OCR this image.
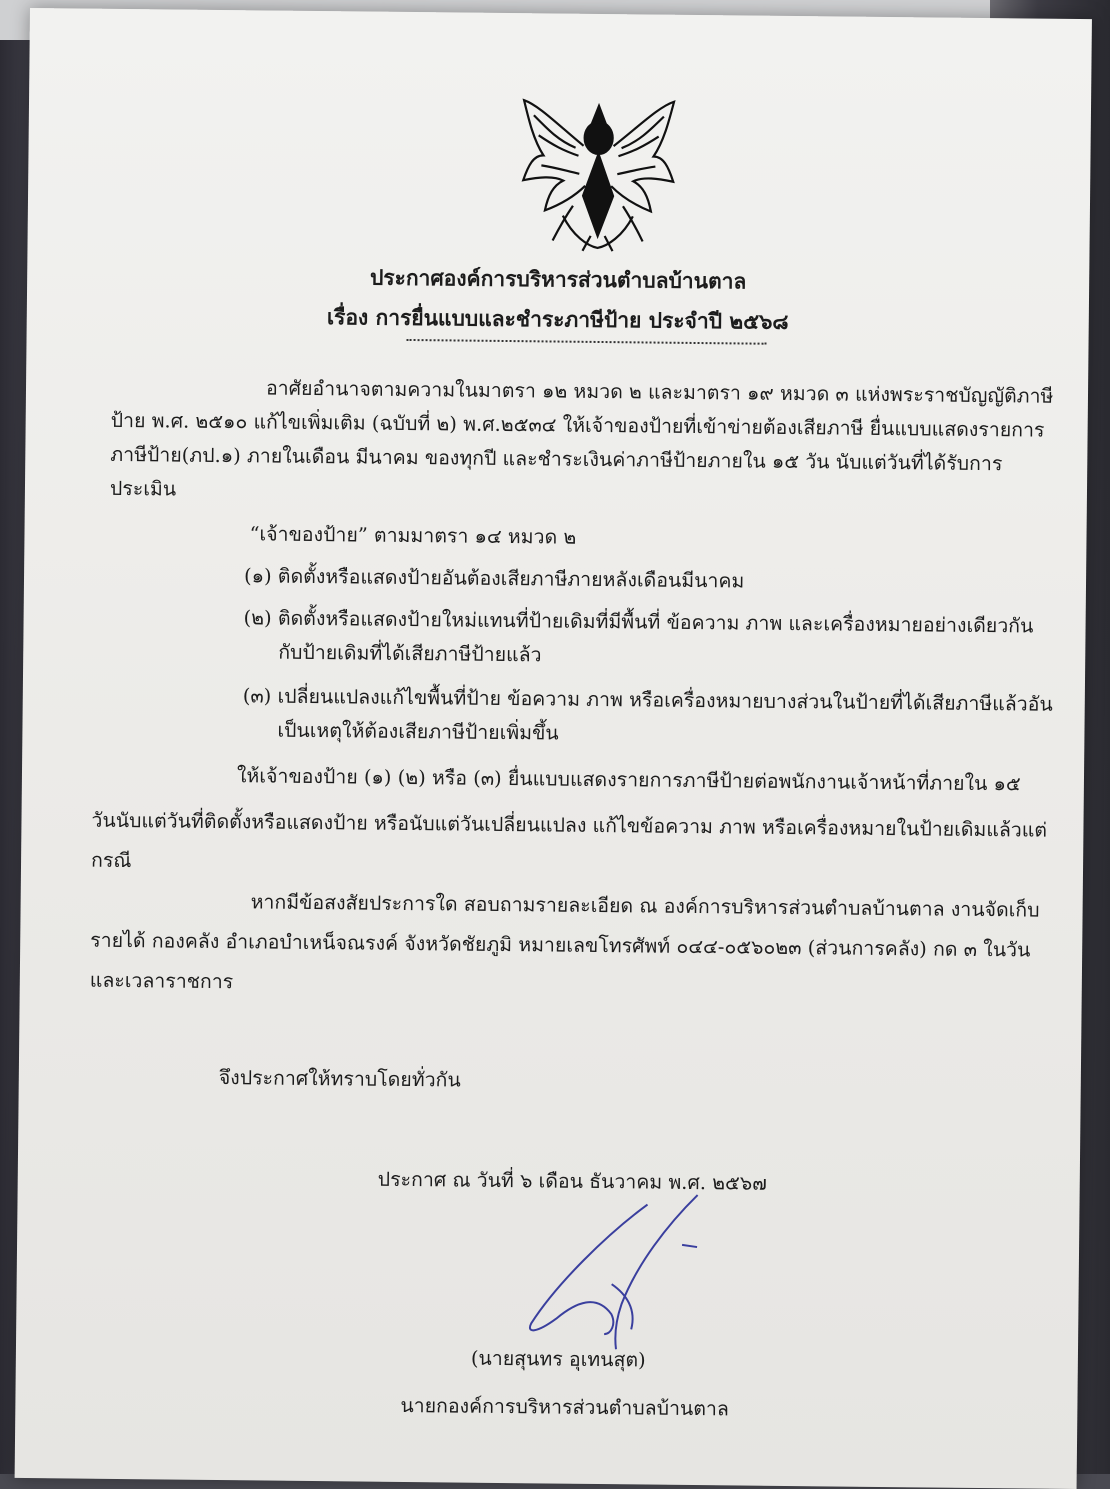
ประกาศองค์การบริหารส่วนตำบลบ้านตาล
เรื่อง การยื่นแบบและชำระภาษีป้าย ประจำปี ๒๕๖๘
อาศัยอำนาจตามความในมาตรา ๑๒ หมวด ๒ และมาตรา ๑๙ หมวด ๓ แห่งพระราชบัญญัติภาษี
ป้าย พ.ศ. ๒๕๑๐ แก้ไขเพิ่มเติม (ฉบับที่ ๒) พ.ศ.๒๕๓๔ ให้เจ้าของป้ายที่เข้าข่ายต้องเสียภาษี ยื่นแบบแสดงรายการ
ภาษีป้าย(ภป.๑) ภายในเดือน มีนาคม ของทุกปี และชำระเงินค่าภาษีป้ายภายใน ๑๕ วัน นับแต่วันที่ได้รับการ
ประเมิน
“เจ้าของป้าย” ตามมาตรา ๑๔ หมวด ๒
(๑) ติดตั้งหรือแสดงป้ายอันต้องเสียภาษีภายหลังเดือนมีนาคม
(๒) ติดตั้งหรือแสดงป้ายใหม่แทนที่ป้ายเดิมที่มีพื้นที่ ข้อความ ภาพ และเครื่องหมายอย่างเดียวกัน
กับป้ายเดิมที่ได้เสียภาษีป้ายแล้ว
(๓) เปลี่ยนแปลงแก้ไขพื้นที่ป้าย ข้อความ ภาพ หรือเครื่องหมายบางส่วนในป้ายที่ได้เสียภาษีแล้วอัน
เป็นเหตุให้ต้องเสียภาษีป้ายเพิ่มขึ้น
ให้เจ้าของป้าย (๑) (๒) หรือ (๓) ยื่นแบบแสดงรายการภาษีป้ายต่อพนักงานเจ้าหน้าที่ภายใน ๑๕
วันนับแต่วันที่ติดตั้งหรือแสดงป้าย หรือนับแต่วันเปลี่ยนแปลง แก้ไขข้อความ ภาพ หรือเครื่องหมายในป้ายเดิมแล้วแต่
กรณี
หากมีข้อสงสัยประการใด สอบถามรายละเอียด ณ องค์การบริหารส่วนตำบลบ้านตาล งานจัดเก็บ
รายได้ กองคลัง อำเภอบำเหน็จณรงค์ จังหวัดชัยภูมิ หมายเลขโทรศัพท์ ๐๔๔-๐๕๖๐๒๓ (ส่วนการคลัง) กด ๓ ในวัน
และเวลาราชการ
จึงประกาศให้ทราบโดยทั่วกัน
ประกาศ ณ วันที่ ๖ เดือน ธันวาคม พ.ศ. ๒๕๖๗
(นายสุนทร อุเทนสุต)
นายกองค์การบริหารส่วนตำบลบ้านตาล
